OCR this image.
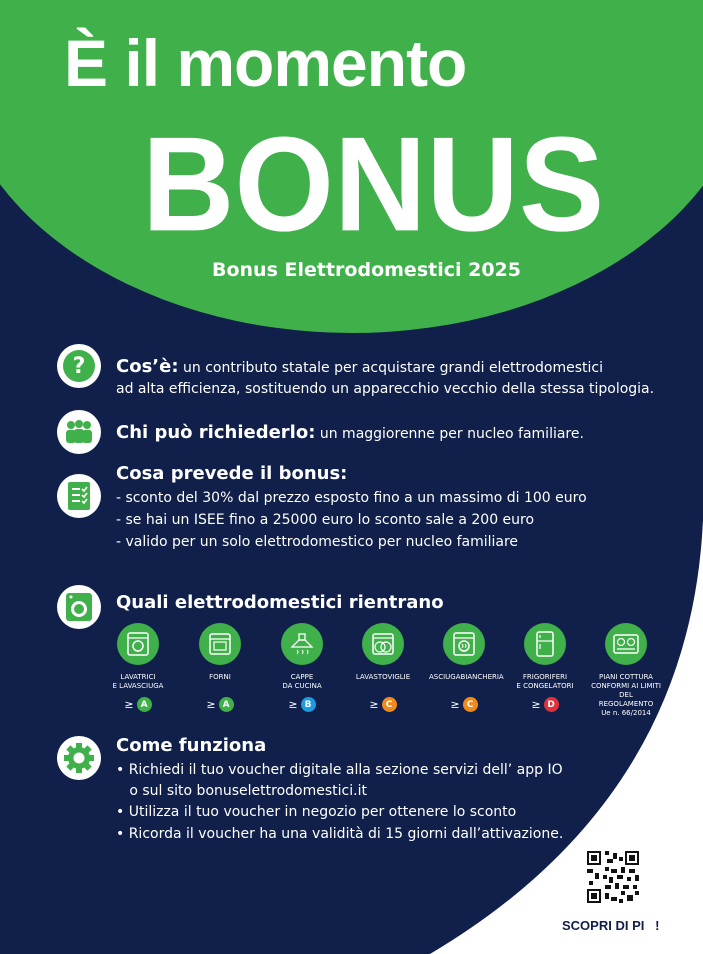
È il momento
BONUS
Bonus Elettrodomestici 2025
?	Cos’è: un contributo statale per acquistare grandi elettrodomestici
ad alta efficienza, sostituendo un apparecchio vecchio della stessa tipologia.
Chi può richiederlo: un maggiorenne per nucleo familiare.
Cosa prevede il bonus:
- sconto del 30% dal prezzo esposto fino a un massimo di 100 euro
- se hai un ISEE fino a 25000 euro lo sconto sale a 200 euro
- valido per un solo elettrodomestico per nucleo familiare
Quali elettrodomestici rientrano
LAVATRICI
E LAVASCIUGA
≥ A
FORNI
≥ A
CAPPE
DA CUCINA
≥ B
LAVASTOVIGLIE
≥ C
ASCIUGABIANCHERIA
≥ C
FRIGORIFERI
E CONGELATORI
≥ D
PIANI COTTURA
CONFORMI AI LIMITI
DEL REGOLAMENTO
Ue n. 66/2014
Come funziona
• Richiedi il tuo voucher digitale alla sezione servizi dell’ app IO
o sul sito bonuselettrodomestici.it
• Utilizza il tuo voucher in negozio per ottenere lo sconto
• Ricorda il voucher ha una validità di 15 giorni dall’attivazione.
SCOPRI DI PI   !
